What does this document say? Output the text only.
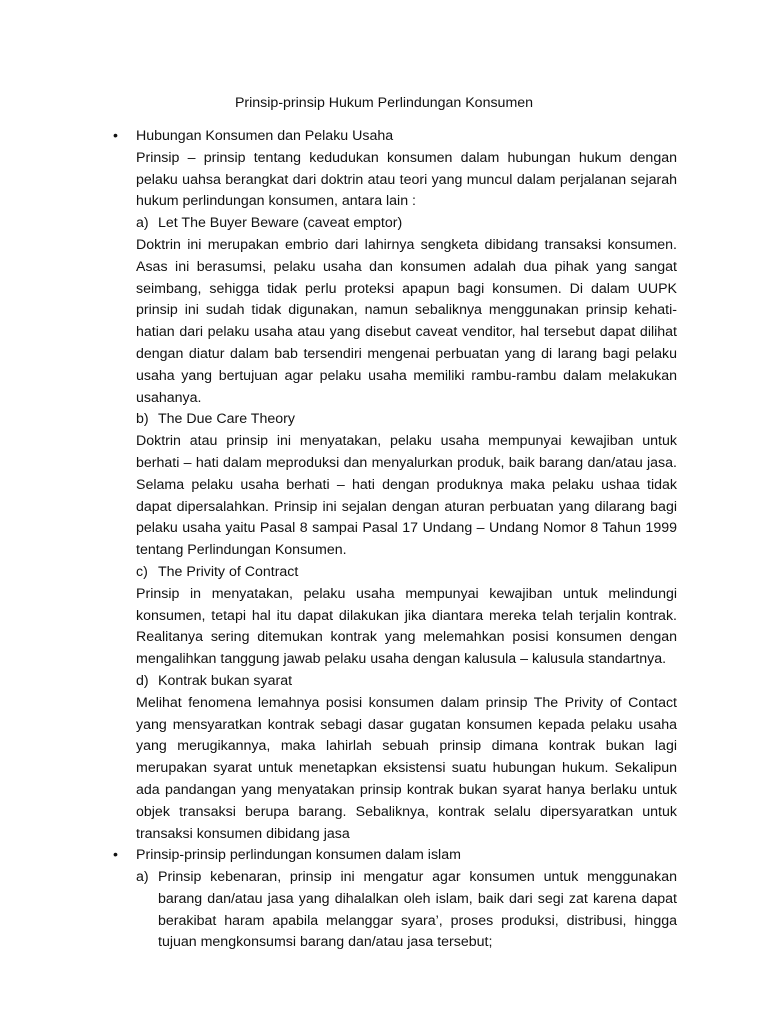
Prinsip-prinsip Hukum Perlindungan Konsumen
•	Hubungan Konsumen dan Pelaku Usaha
Prinsip – prinsip tentang kedudukan konsumen dalam hubungan hukum dengan pelaku uahsa berangkat dari doktrin atau teori yang muncul dalam perjalanan sejarah hukum perlindungan konsumen, antara lain :
a) Let The Buyer Beware (caveat emptor)
Doktrin ini merupakan embrio dari lahirnya sengketa dibidang transaksi konsumen. Asas ini berasumsi, pelaku usaha dan konsumen adalah dua pihak yang sangat seimbang, sehigga tidak perlu proteksi apapun bagi konsumen. Di dalam UUPK prinsip ini sudah tidak digunakan, namun sebaliknya menggunakan prinsip kehati-hatian dari pelaku usaha atau yang disebut caveat venditor, hal tersebut dapat dilihat dengan diatur dalam bab tersendiri mengenai perbuatan yang di larang bagi pelaku usaha yang bertujuan agar pelaku usaha memiliki rambu-rambu dalam melakukan usahanya.
b) The Due Care Theory
Doktrin atau prinsip ini menyatakan, pelaku usaha mempunyai kewajiban untuk berhati – hati dalam meproduksi dan menyalurkan produk, baik barang dan/atau jasa. Selama pelaku usaha berhati – hati dengan produknya maka pelaku ushaa tidak dapat dipersalahkan. Prinsip ini sejalan dengan aturan perbuatan yang dilarang bagi pelaku usaha yaitu Pasal 8 sampai Pasal 17 Undang – Undang Nomor 8 Tahun 1999 tentang Perlindungan Konsumen.
c) The Privity of Contract
Prinsip in menyatakan, pelaku usaha mempunyai kewajiban untuk melindungi konsumen, tetapi hal itu dapat dilakukan jika diantara mereka telah terjalin kontrak. Realitanya sering ditemukan kontrak yang melemahkan posisi konsumen dengan mengalihkan tanggung jawab pelaku usaha dengan kalusula – kalusula standartnya.
d) Kontrak bukan syarat
Melihat fenomena lemahnya posisi konsumen dalam prinsip The Privity of Contact yang mensyaratkan kontrak sebagi dasar gugatan konsumen kepada pelaku usaha yang merugikannya, maka lahirlah sebuah prinsip dimana kontrak bukan lagi merupakan syarat untuk menetapkan eksistensi suatu hubungan hukum. Sekalipun ada pandangan yang menyatakan prinsip kontrak bukan syarat hanya berlaku untuk objek transaksi berupa barang. Sebaliknya, kontrak selalu dipersyaratkan untuk transaksi konsumen dibidang jasa
•	Prinsip-prinsip perlindungan konsumen dalam islam
a) Prinsip kebenaran, prinsip ini mengatur agar konsumen untuk menggunakan barang dan/atau jasa yang dihalalkan oleh islam, baik dari segi zat karena dapat berakibat haram apabila melanggar syara’, proses produksi, distribusi, hingga tujuan mengkonsumsi barang dan/atau jasa tersebut;
